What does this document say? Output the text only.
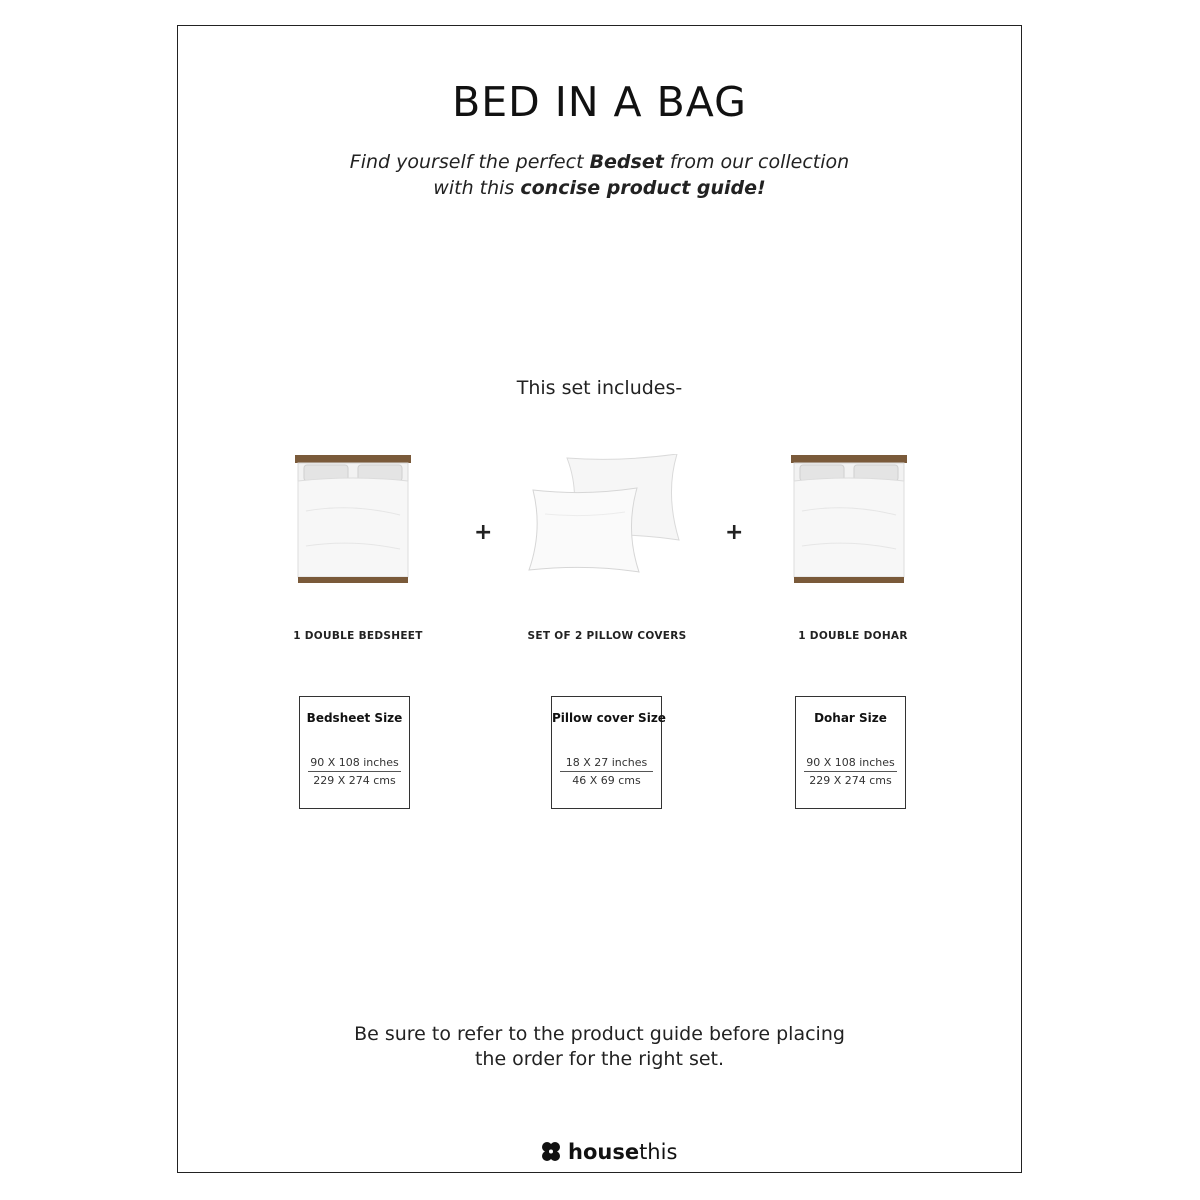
BED IN A BAG
Find yourself the perfect Bedset from our collection
with this concise product guide!
This set includes-
+	+
1 DOUBLE BEDSHEET	SET OF 2 PILLOW COVERS	1 DOUBLE DOHAR
Bedsheet Size
90 X 108 inches
229 X 274 cms
Pillow cover Size
18 X 27 inches
46 X 69 cms
Dohar Size
90 X 108 inches
229 X 274 cms
Be sure to refer to the product guide before placing
the order for the right set.
housethis
